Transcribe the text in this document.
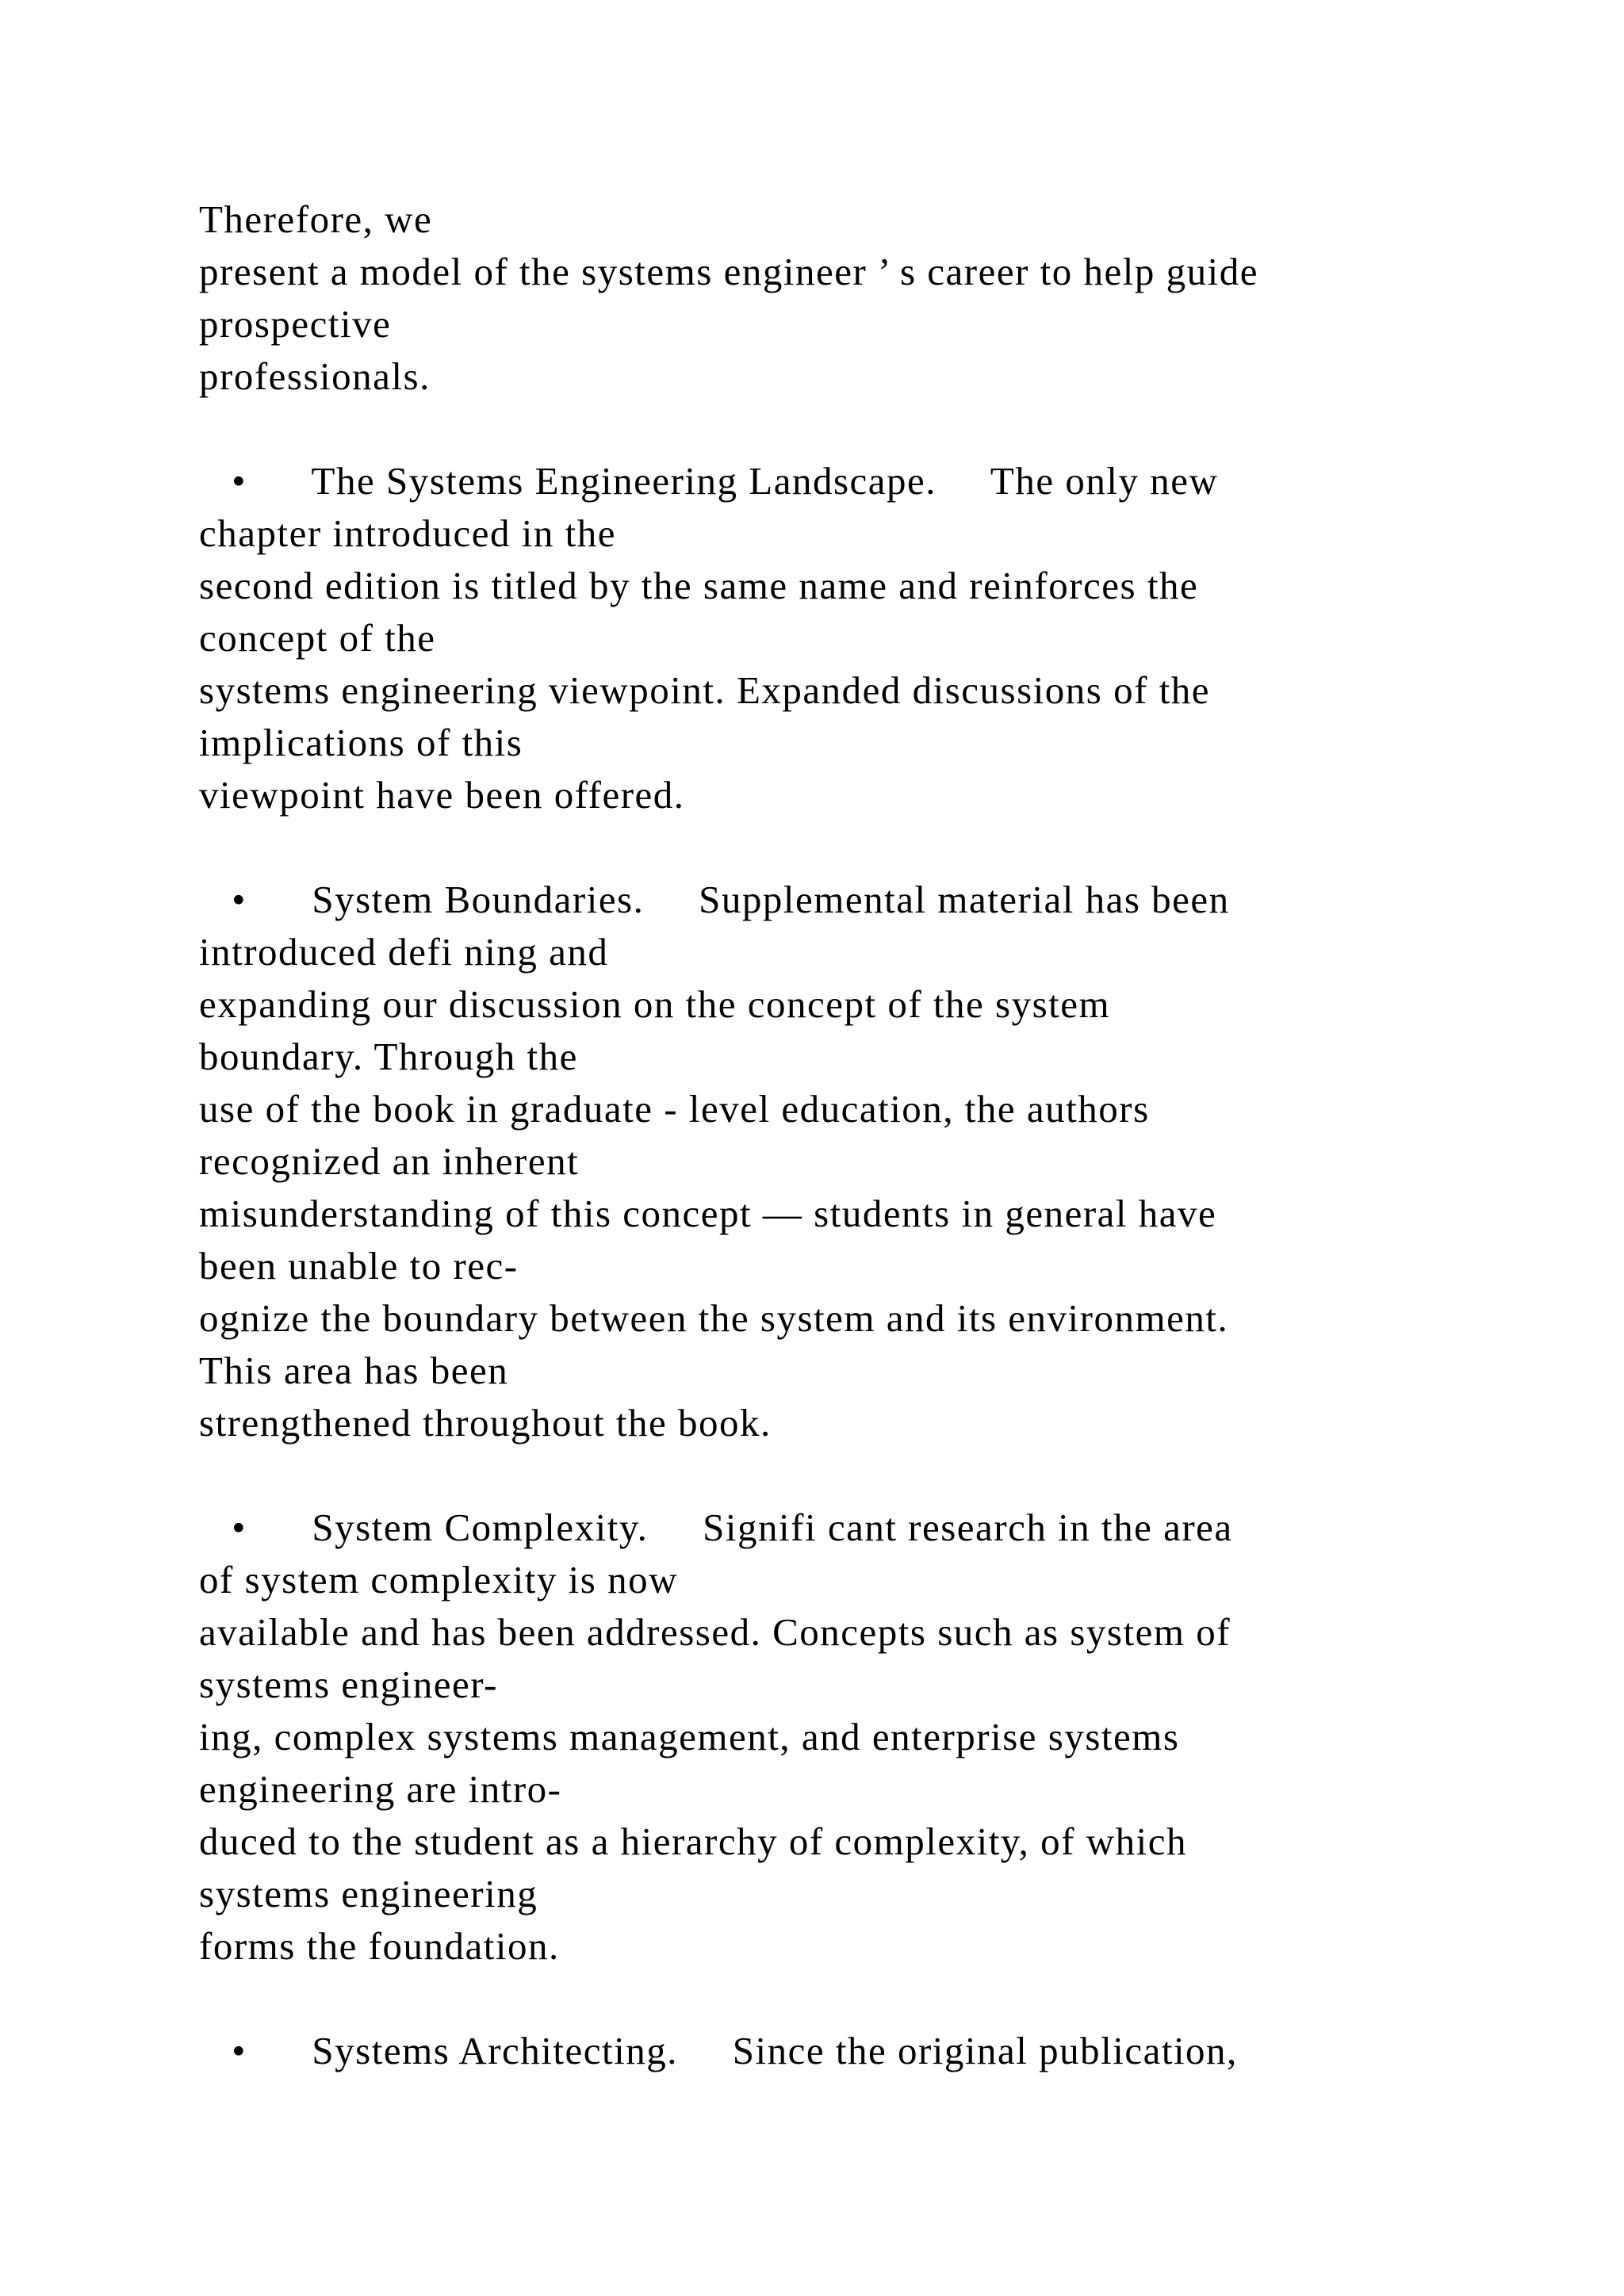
Therefore, we
present a model of the systems engineer ’ s career to help guide
prospective
professionals.
•      The Systems Engineering Landscape.     The only new
chapter introduced in the
second edition is titled by the same name and reinforces the
concept of the
systems engineering viewpoint. Expanded discussions of the
implications of this
viewpoint have been offered.
•      System Boundaries.     Supplemental material has been
introduced defi ning and
expanding our discussion on the concept of the system
boundary. Through the
use of the book in graduate - level education, the authors
recognized an inherent
misunderstanding of this concept — students in general have
been unable to rec-
ognize the boundary between the system and its environment.
This area has been
strengthened throughout the book.
•      System Complexity.     Signifi cant research in the area
of system complexity is now
available and has been addressed. Concepts such as system of
systems engineer-
ing, complex systems management, and enterprise systems
engineering are intro-
duced to the student as a hierarchy of complexity, of which
systems engineering
forms the foundation.
•      Systems Architecting.     Since the original publication,
